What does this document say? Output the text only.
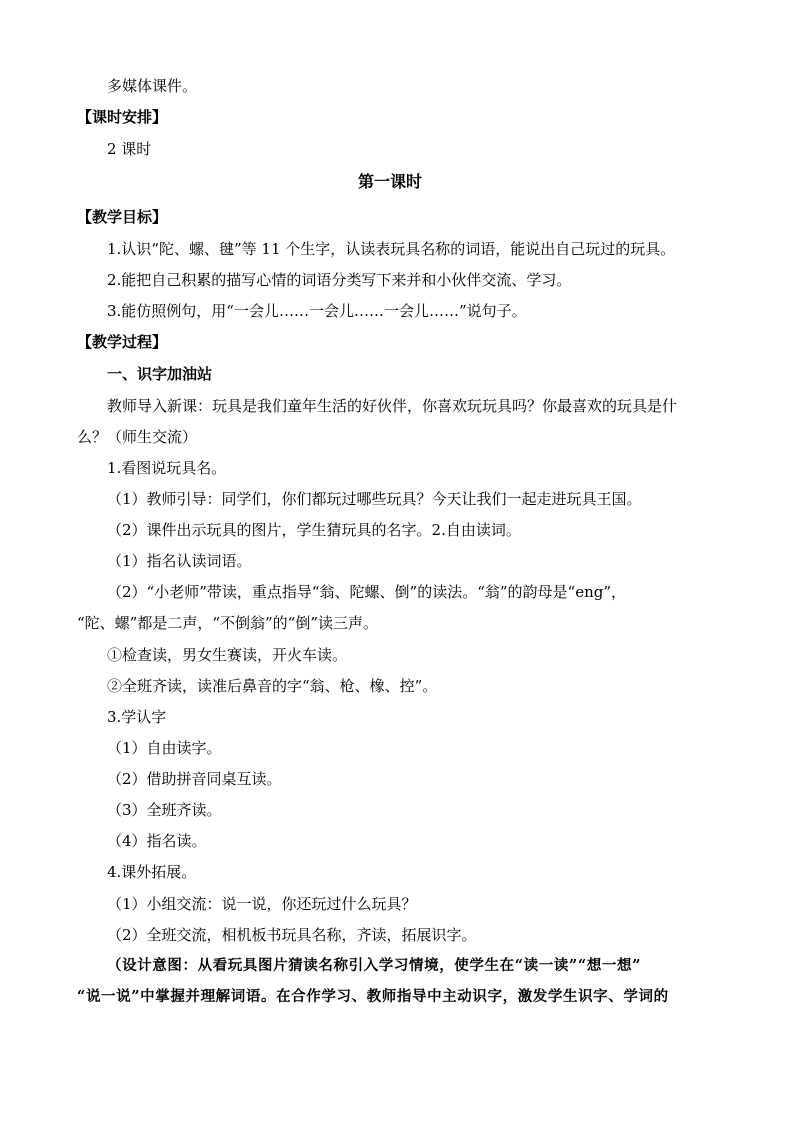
多媒体课件。
【课时安排】
2 课时
第一课时
【教学目标】
1.认识“陀、螺、毽”等 11 个生字，认读表玩具名称的词语，能说出自己玩过的玩具。
2.能把自己积累的描写心情的词语分类写下来并和小伙伴交流、学习。
3.能仿照例句，用“一会儿……一会儿……一会儿……”说句子。
【教学过程】
一、识字加油站
教师导入新课：玩具是我们童年生活的好伙伴，你喜欢玩玩具吗？你最喜欢的玩具是什
么？（师生交流）
1.看图说玩具名。
（1）教师引导：同学们，你们都玩过哪些玩具？今天让我们一起走进玩具王国。
（2）课件出示玩具的图片，学生猜玩具的名字。2.自由读词。
（1）指名认读词语。
（2）“小老师”带读，重点指导“翁、陀螺、倒”的读法。“翁”的韵母是“eng”，
“陀、螺”都是二声，“不倒翁”的“倒”读三声。
①检查读，男女生赛读，开火车读。
②全班齐读，读准后鼻音的字“翁、枪、橡、控”。
3.学认字
（1）自由读字。
（2）借助拼音同桌互读。
（3）全班齐读。
（4）指名读。
4.课外拓展。
（1）小组交流：说一说，你还玩过什么玩具？
（2）全班交流，相机板书玩具名称，齐读，拓展识字。
（设计意图：从看玩具图片猜读名称引入学习情境，使学生在“读一读”“想一想”
“说一说”中掌握并理解词语。在合作学习、教师指导中主动识字，激发学生识字、学词的
